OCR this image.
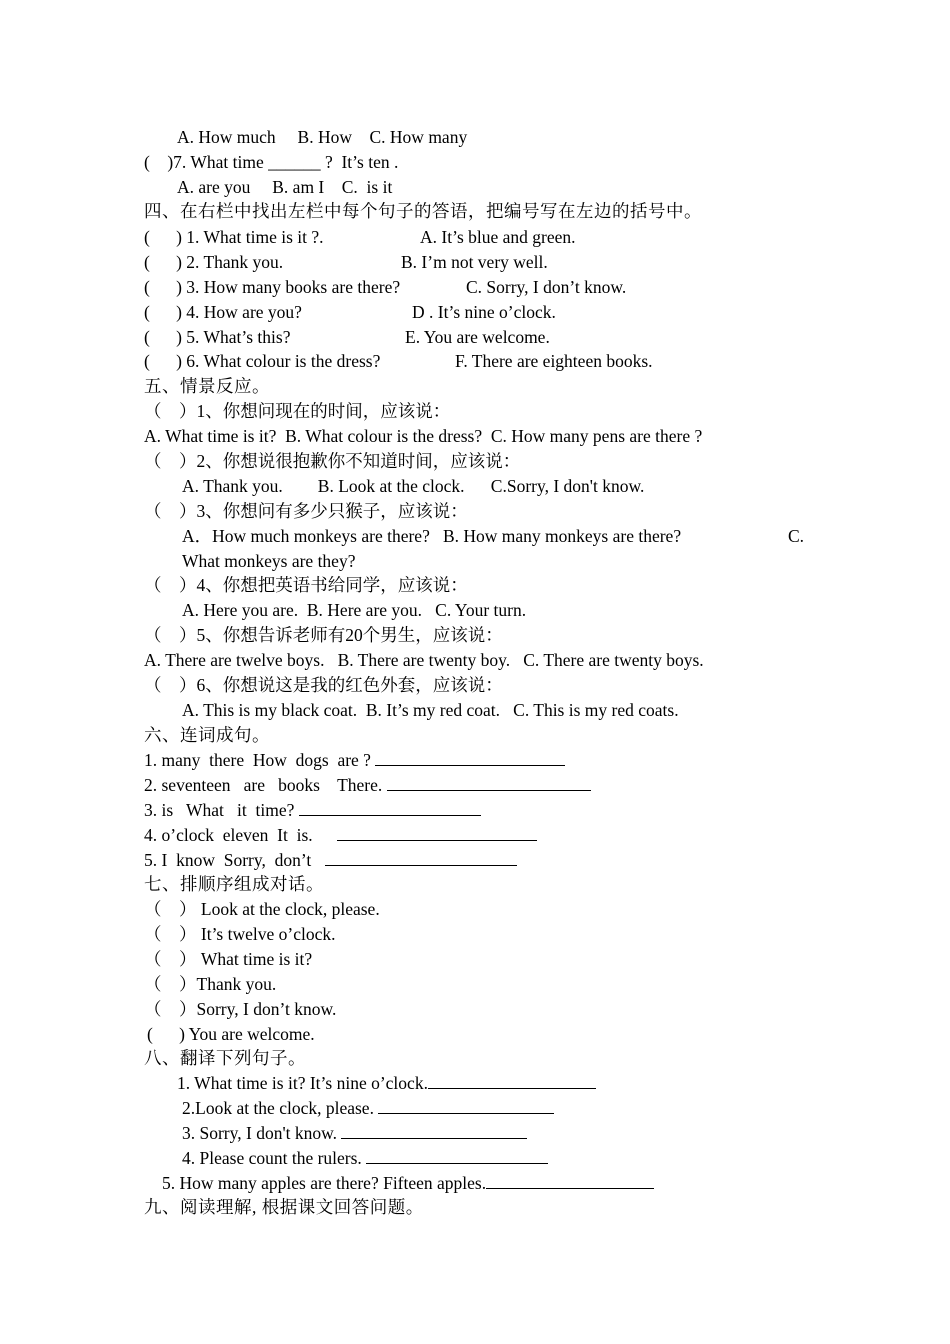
A. How much     B. How    C. How many
(    )7. What time ______ ?  It’s ten .
A. are you     B. am I    C.  is it
四、在右栏中找出左栏中每个句子的答语，把编号写在左边的括号中。
(      ) 1. What time is it ?.	A. It’s blue and green.
(      ) 2. Thank you.	B. I’m not very well.
(      ) 3. How many books are there?	C. Sorry, I don’t know.
(      ) 4. How are you?	D . It’s nine o’clock.
(      ) 5. What’s this?	E. You are welcome.
(      ) 6. What colour is the dress?	F. There are eighteen books.
五、情景反应。
（    ）1、你想问现在的时间，应该说：
A. What time is it?  B. What colour is the dress?  C. How many pens are there ?
（    ）2、你想说很抱歉你不知道时间，应该说：
A. Thank you.        B. Look at the clock.      C.Sorry, I don't know.
（    ）3、你想问有多少只猴子，应该说：
A．How much monkeys are there?   B. How many monkeys are there?	C.
What monkeys are they?
（    ）4、你想把英语书给同学，应该说：
A. Here you are.  B. Here are you.   C. Your turn.
（    ）5、你想告诉老师有20个男生，应该说：
A. There are twelve boys.   B. There are twenty boy.   C. There are twenty boys.
（    ）6、你想说这是我的红色外套，应该说：
A. This is my black coat.  B. It’s my red coat.   C. This is my red coats.
六、连词成句。
1. many  there  How  dogs  are ?
2. seventeen   are   books    There.
3. is   What   it  time?
4. o’clock  eleven  It  is.
5. I  know  Sorry,  don’t
七、排顺序组成对话。
（    ） Look at the clock, please.
（    ） It’s twelve o’clock.
（    ） What time is it?
（    ）Thank you.
（    ）Sorry, I don’t know.
(      ) You are welcome.
八、翻译下列句子。
1. What time is it? It’s nine o’clock.
2.Look at the clock, please.
3. Sorry, I don't know.
4. Please count the rulers.
5. How many apples are there? Fifteen apples.
九、阅读理解, 根据课文回答问题。
